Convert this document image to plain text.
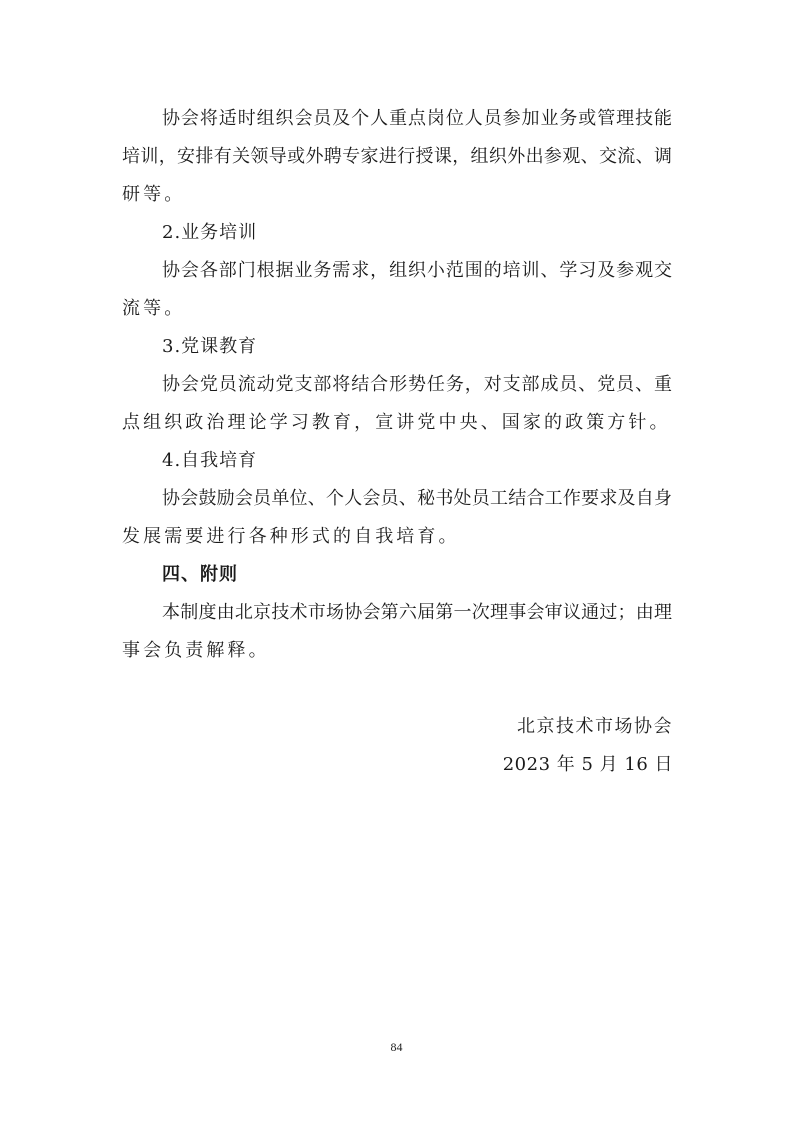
协会将适时组织会员及个人重点岗位人员参加业务或管理技能
培训，安排有关领导或外聘专家进行授课，组织外出参观、交流、调
研等。
2.业务培训
协会各部门根据业务需求，组织小范围的培训、学习及参观交
流等。
3.党课教育
协会党员流动党支部将结合形势任务，对支部成员、党员、重
点组织政治理论学习教育，宣讲党中央、国家的政策方针。
4.自我培育
协会鼓励会员单位、个人会员、秘书处员工结合工作要求及自身
发展需要进行各种形式的自我培育。
四、附则
本制度由北京技术市场协会第六届第一次理事会审议通过；由理
事会负责解释。
北京技术市场协会
2023 年 5 月 16 日
84
